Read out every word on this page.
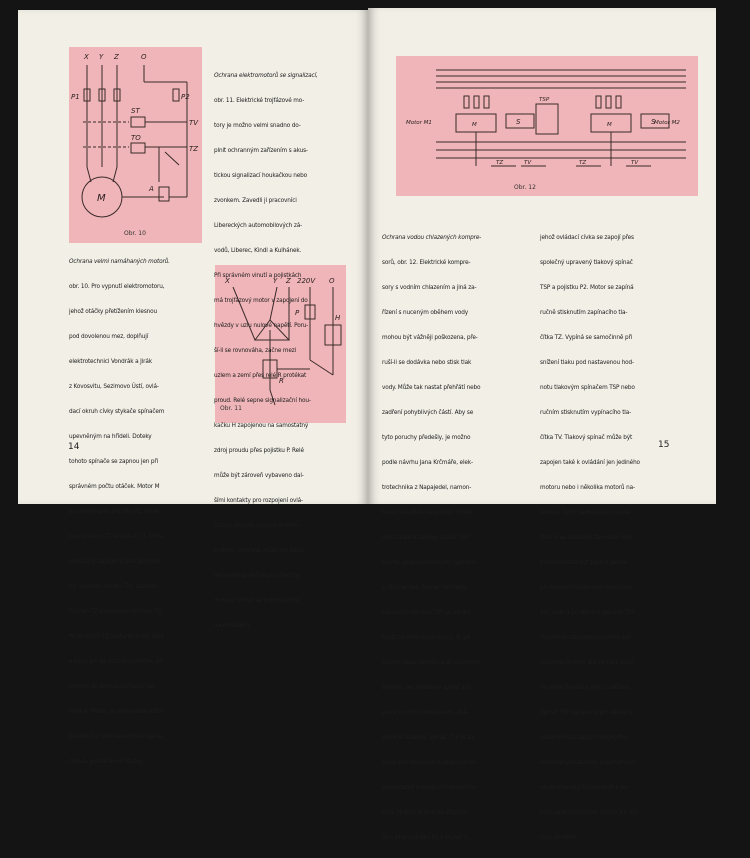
X Y Z	O
P1	P2
ST
TV
TO
TZ
M
A
Obr. 10
X	Y Z 220V O
H
P
R
Obr. 11

Ochrana velmi namáhaných motorů.

obr. 10. Pro vypnutí elektromotoru,

jehož otáčky přetížením klesnou

pod dovolenou mez, doplňují

elektrotechnici Vondrák a Jirák

z Kovosvitu, Sezimovo Ústí, ovlá-

dací okruh cívky stykače spínačem

upevněným na hřídeli. Doteky

tohoto spínače se zapnou jen při

správném počtu otáček. Motor M

je zapojen přes pojistky P1, tepel-

nou ochranu TO a stykač ST. Cívka

stykače je zapojena přes pojistku

P2, vypínací tlačítko TV, zapínací

tlačítko TZ a tepelnou ochranu TO.

Po stisknutí TZ zůstane motor dále

v běhu jen po dosažení otáček, při

kterých se sepnou kontakty spí-

nače A. Motor se vypne stisknutím

tlačítka TV nebo samočinně spína-

čem A, poklesnou-li otáčky.

Ochrana elektromotorů se signalizací,

obr. 11. Elektrické trojfázové mo-

tory je možno velmi snadno do-

plnit ochranným zařízením s akus-

tickou signalizací houkačkou nebo

zvonkem. Zavedli ji pracovníci

Libereckých automobilových zá-

vodů, Liberec, Kindl a Kulhánek.

Při správném vinutí a pojistkách

má trojfázový motor v zapojení do

hvězdy v uzlu nulové napětí. Poru-

ší-li se rovnováha, začne mezi

uzlem a zemí přes relé R protékat

proud. Relé sepne signalizační hou-

kačku H zapojenou na samostatný

zdroj proudu přes pojistku P. Relé

může být zároveň vybaveno dal-

šími kontakty pro rozpojení ovlá-

dacího obvodu stykače elektro-

motoru. Ochrana může být zapo-

jena také společně pro všechny

motory; umístí se potom přímo

na rozvaděči.

14
Motor M1	Motor M2
S	S
TSP
TZ	TV	TZ	TV
M	M
Obr. 12

Ochrana vodou chlazených kompre-

sorů, obr. 12. Elektrické kompre-

sory s vodním chlazením a jiná za-

řízení s nuceným oběhem vody

mohou být vážněji poškozena, pře-

ruší-li se dodávka nebo stisk tlak

vody. Může tak nastat přehřátí nebo

zadření pohyblivých částí. Aby se

tyto poruchy předešly, je možno

podle návrhu Jana Krčmáře, elek-

trotechnika z Napajedel, namon-

tovat na výtlakové potrubí chladi-

cího zařízení tlakový spínač TSP -

Sigma, přizpůsobený pro vypínání,

sníží-li se tlak. Spínací kontakty

tlakového spínače TSP se upraví

tudíž na obrácenou funkci, tj. při

nízkém tlaku vypnou a při vysokém

zapnou. Jak se takový spínač při-

pne k motoru kompresoru, zná-

zorňuje schéma. Spínač TSP je za-

pojen pro současné ovládání dvou

samostatně pracujících elektromo-

torů. Motory M jsou na síť připo-

jeny přes pojistky P1 a stykač S,

jehož ovládací cívka se zapojí přes

společný upravený tlakový spínač

TSP a pojistku P2. Motor se zapíná

ručně stisknutím zapínacího tla-

čítka TZ. Vypíná se samočinně při

snížení tlaku pod nastavenou hod-

notu tlakovým spínačem TSP nebo

ručním stisknutím vypínacího tla-

čítka TV. Tlakový spínač může být

zapojen také k ovládání jen jediného

motoru nebo i několika motorů na-

jednou. Tímto jednoduchým opa-

třením se dosáhne, že motor kom-

presoru může být zapnut jedině

po dosažení správného tlaku chla-

dicí vody a po sepnutí spínače TSP.

Podobným způsobem mohou být

zajištěny motory pro čerpání vody

do parních kotlů a jiných zařízení.

Spínač TSP upravený pro stlačený

vzduch může zajistit motory tla-

kovzdušných zařízení používaných

ve strojírenských závodech k po-

honu pneumatického nářadí a k upí-

nání obrobků.

15
